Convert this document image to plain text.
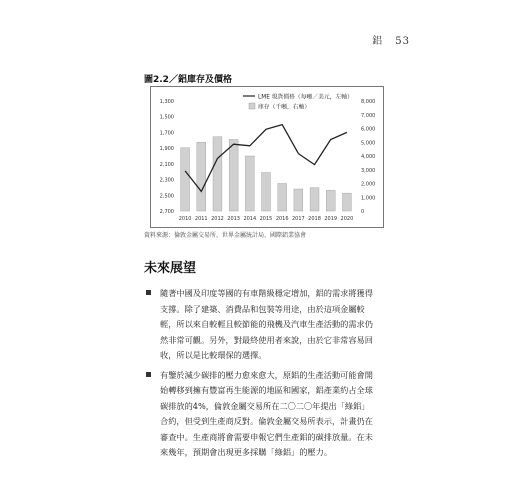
鋁 53
圖2.2／鋁庫存及價格
LME 現貨價格（每噸／美元，左軸）
庫存（千噸，右軸）
1,300
1,500
1,700
1,900
2,100
2,300
2,500
2,700	0
1,000
2,000
3,000
4,000
5,000
6,000
7,000
8,000
2010 2011 2012 2013 2014 2015 2016 2017 2018 2019 2020
資料來源：倫敦金屬交易所、世界金屬統計局、國際鋁業協會
未來展望
隨著中國及印度等國的有車階級穩定增加，鋁的需求將獲得
支撐。除了建築、消費品和包裝等用途，由於這項金屬較
輕，所以來自較輕且較節能的飛機及汽車生產活動的需求仍
然非常可觀。另外，對最終使用者來說，由於它非常容易回
收，所以是比較環保的選擇。
有鑒於減少碳排的壓力愈來愈大，原鋁的生產活動可能會開
始轉移到擁有豐富再生能源的地區和國家，鋁產業約占全球
碳排放的4%，倫敦金屬交易所在二〇二〇年提出「綠鋁」
合約，但受到生產商反對。倫敦金屬交易所表示，計畫仍在
審查中。生產商將會需要申報它們生產鋁的碳排放量。在未
來幾年，預期會出現更多採購「綠鋁」的壓力。
